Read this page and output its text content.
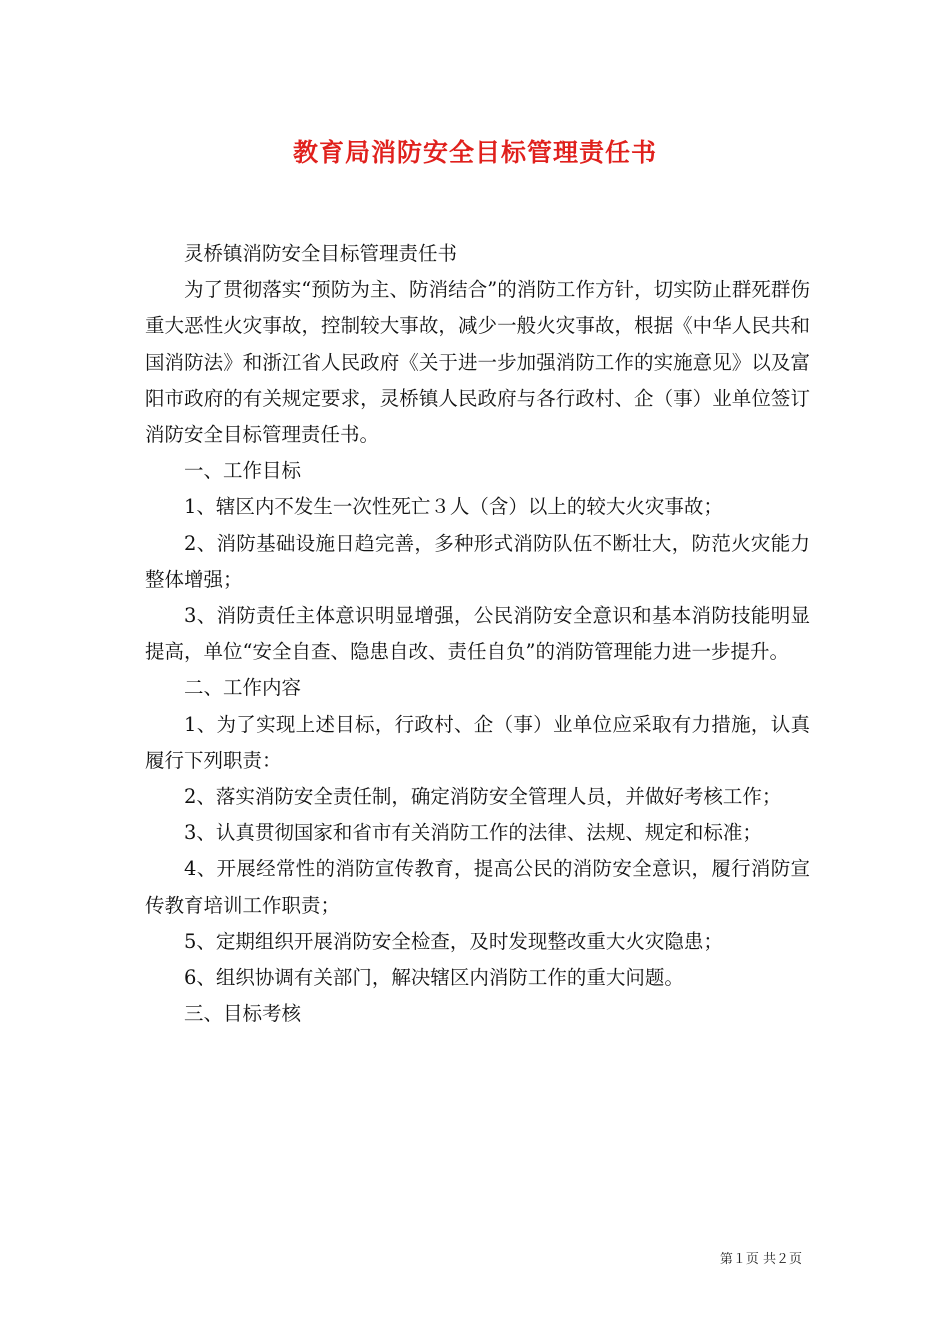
教育局消防安全目标管理责任书

灵桥镇消防安全目标管理责任书

为了贯彻落实“预防为主、防消结合”的消防工作方针，切实防止群死群伤重大恶性火灾事故，控制较大事故，减少一般火灾事故，根据《中华人民共和国消防法》和浙江省人民政府《关于进一步加强消防工作的实施意见》以及富阳市政府的有关规定要求，灵桥镇人民政府与各行政村、企（事）业单位签订消防安全目标管理责任书。

一、工作目标

1、辖区内不发生一次性死亡３人（含）以上的较大火灾事故；

2、消防基础设施日趋完善，多种形式消防队伍不断壮大，防范火灾能力整体增强；

3、消防责任主体意识明显增强，公民消防安全意识和基本消防技能明显提高，单位“安全自查、隐患自改、责任自负”的消防管理能力进一步提升。

二、工作内容

1、为了实现上述目标，行政村、企（事）业单位应采取有力措施，认真履行下列职责：

2、落实消防安全责任制，确定消防安全管理人员，并做好考核工作；

3、认真贯彻国家和省市有关消防工作的法律、法规、规定和标准；

4、开展经常性的消防宣传教育，提高公民的消防安全意识，履行消防宣传教育培训工作职责；

5、定期组织开展消防安全检查，及时发现整改重大火灾隐患；

6、组织协调有关部门，解决辖区内消防工作的重大问题。

三、目标考核

第１页 共２页
